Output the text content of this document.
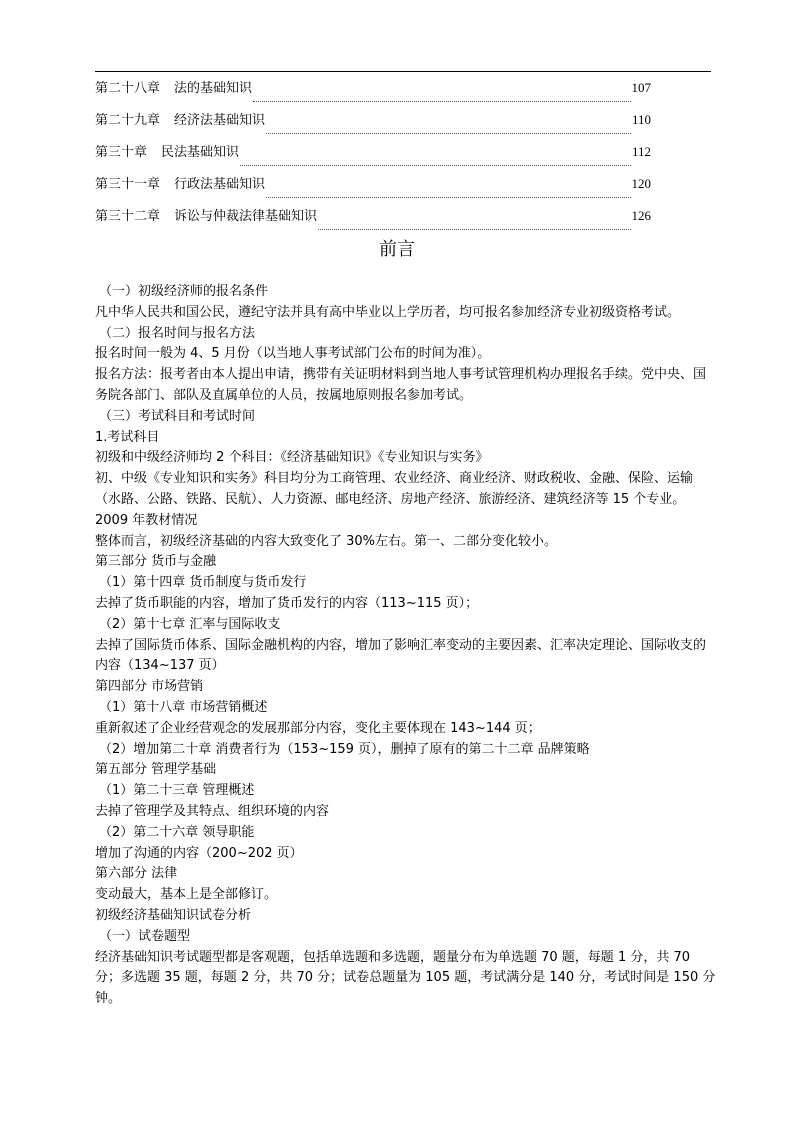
第二十八章 法的基础知识	107
第二十九章 经济法基础知识	110
第三十章 民法基础知识	112
第三十一章 行政法基础知识	120
第三十二章 诉讼与仲裁法律基础知识	126
前言

（一）初级经济师的报名条件

凡中华人民共和国公民，遵纪守法并具有高中毕业以上学历者，均可报名参加经济专业初级资格考试。

（二）报名时间与报名方法

报名时间一般为 4、5 月份（以当地人事考试部门公布的时间为准）。

报名方法：报考者由本人提出申请，携带有关证明材料到当地人事考试管理机构办理报名手续。党中央、国务院各部门、部队及直属单位的人员，按属地原则报名参加考试。

（三）考试科目和考试时间

1.考试科目

初级和中级经济师均 2 个科目：《经济基础知识》《专业知识与实务》

初、中级《专业知识和实务》科目均分为工商管理、农业经济、商业经济、财政税收、金融、保险、运输（水路、公路、铁路、民航）、人力资源、邮电经济、房地产经济、旅游经济、建筑经济等 15 个专业。

2009 年教材情况

整体而言，初级经济基础的内容大致变化了 30%左右。第一、二部分变化较小。

第三部分 货币与金融

（1）第十四章 货币制度与货币发行

去掉了货币职能的内容，增加了货币发行的内容（113~115 页）；

（2）第十七章 汇率与国际收支

去掉了国际货币体系、国际金融机构的内容，增加了影响汇率变动的主要因素、汇率决定理论、国际收支的内容（134~137 页）

第四部分 市场营销

（1）第十八章 市场营销概述

重新叙述了企业经营观念的发展那部分内容，变化主要体现在 143~144 页；

（2）增加第二十章 消费者行为（153~159 页），删掉了原有的第二十二章 品牌策略

第五部分 管理学基础

（1）第二十三章 管理概述

去掉了管理学及其特点、组织环境的内容

（2）第二十六章 领导职能

增加了沟通的内容（200~202 页）

第六部分 法律

变动最大，基本上是全部修订。

初级经济基础知识试卷分析

（一）试卷题型

经济基础知识考试题型都是客观题，包括单选题和多选题，题量分布为单选题 70 题，每题 1 分，共 70 分；多选题 35 题，每题 2 分，共 70 分；试卷总题量为 105 题，考试满分是 140 分，考试时间是 150 分钟。
